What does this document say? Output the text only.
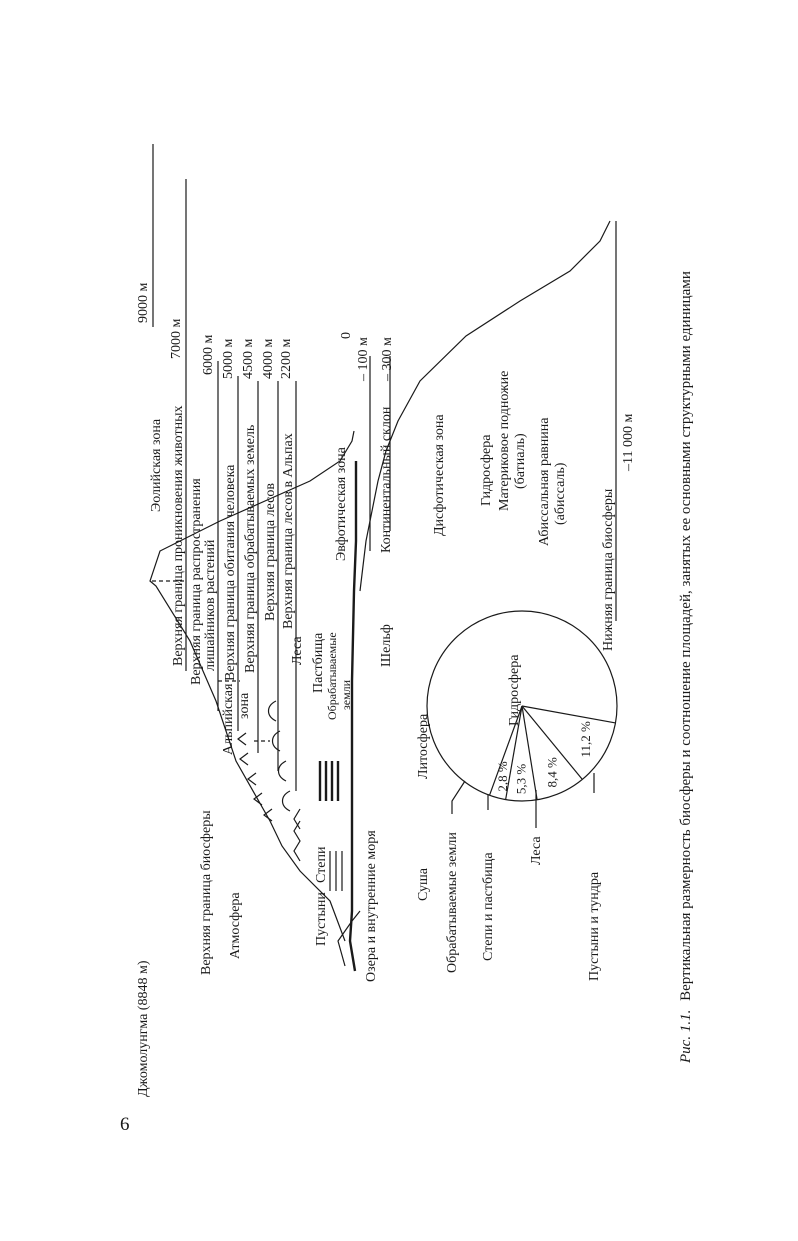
6
9000 м
7000 м 6000 м 5000 м 4500 м 4000 м 2200 м
0
– 100 м – 300 м
Верхняя граница проникновения животных Верхняя граница распространения лишайников растений Верхняя граница обитания человека Верхняя граница обрабатываемых земель Верхняя граница лесов Верхняя граница лесов в Альпах
Верхняя граница биосферы
Эолийская зона
Атмосфера
Джомолунгма (8848 м)
Альпийская зона
Леса Пастбища Обрабатываемые земли
Степи
Пустыни	Озера и внутренние моря
Эвфотическая зона	Дисфотическая зона
Континентальный склон
Шельф
Гидросфера Материковое подножие (батиаль) Абиссальная равнина (абиссаль) Нижняя граница биосферы
–11 000 м
2,8 % 5,3 % 8,4 %
11,2 %
Гидросфера
Суша
Литосфера
Обрабатываемые земли Степи и пастбища
Леса
Пустыни и тундра
Рис. 1.1. Вертикальная размерность биосферы и соотношение площадей, занятых ее основными структурными единицами
